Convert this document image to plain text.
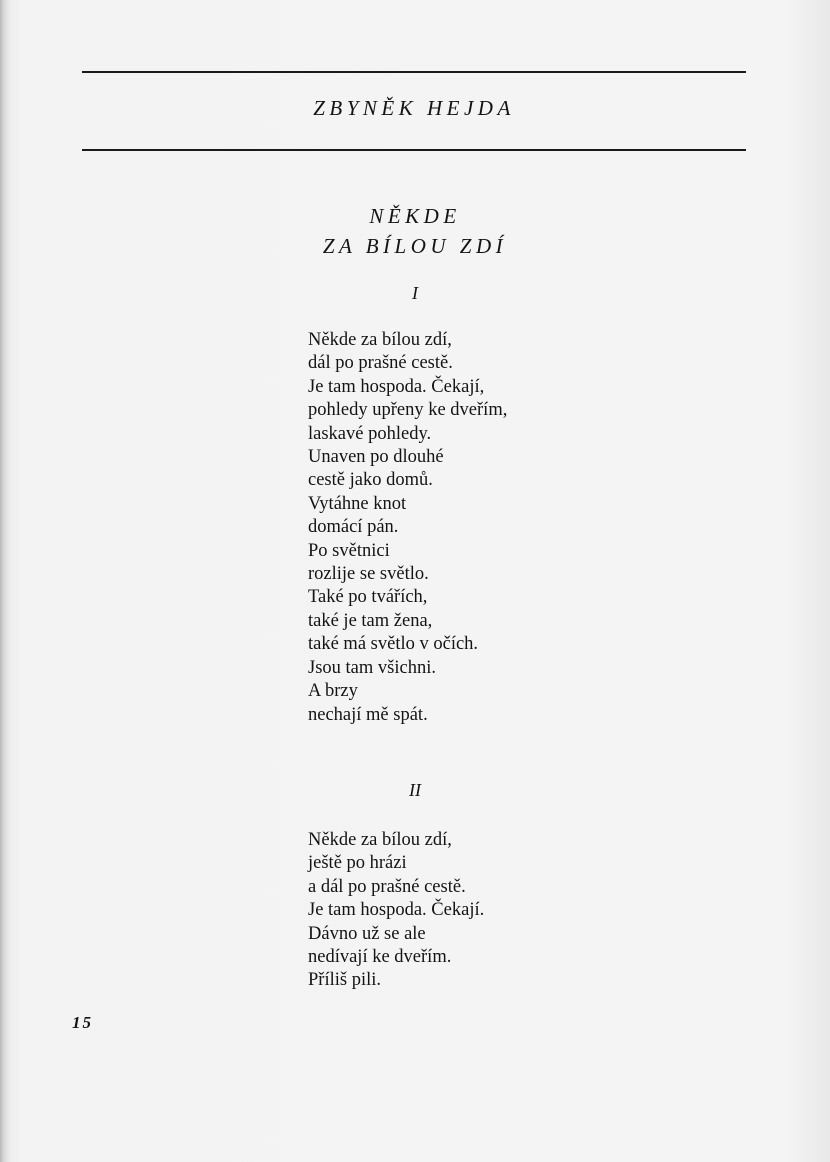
ZBYNĚK HEJDA
NĚKDE
ZA BÍLOU ZDÍ
I
Někde za bílou zdí,
dál po prašné cestě.
Je tam hospoda. Čekají,
pohledy upřeny ke dveřím,
laskavé pohledy.
Unaven po dlouhé
cestě jako domů.
Vytáhne knot
domácí pán.
Po světnici
rozlije se světlo.
Také po tvářích,
také je tam žena,
také má světlo v očích.
Jsou tam všichni.
A brzy
nechají mě spát.
II
Někde za bílou zdí,
ještě po hrázi
a dál po prašné cestě.
Je tam hospoda. Čekají.
Dávno už se ale
nedívají ke dveřím.
Příliš pili.
15
